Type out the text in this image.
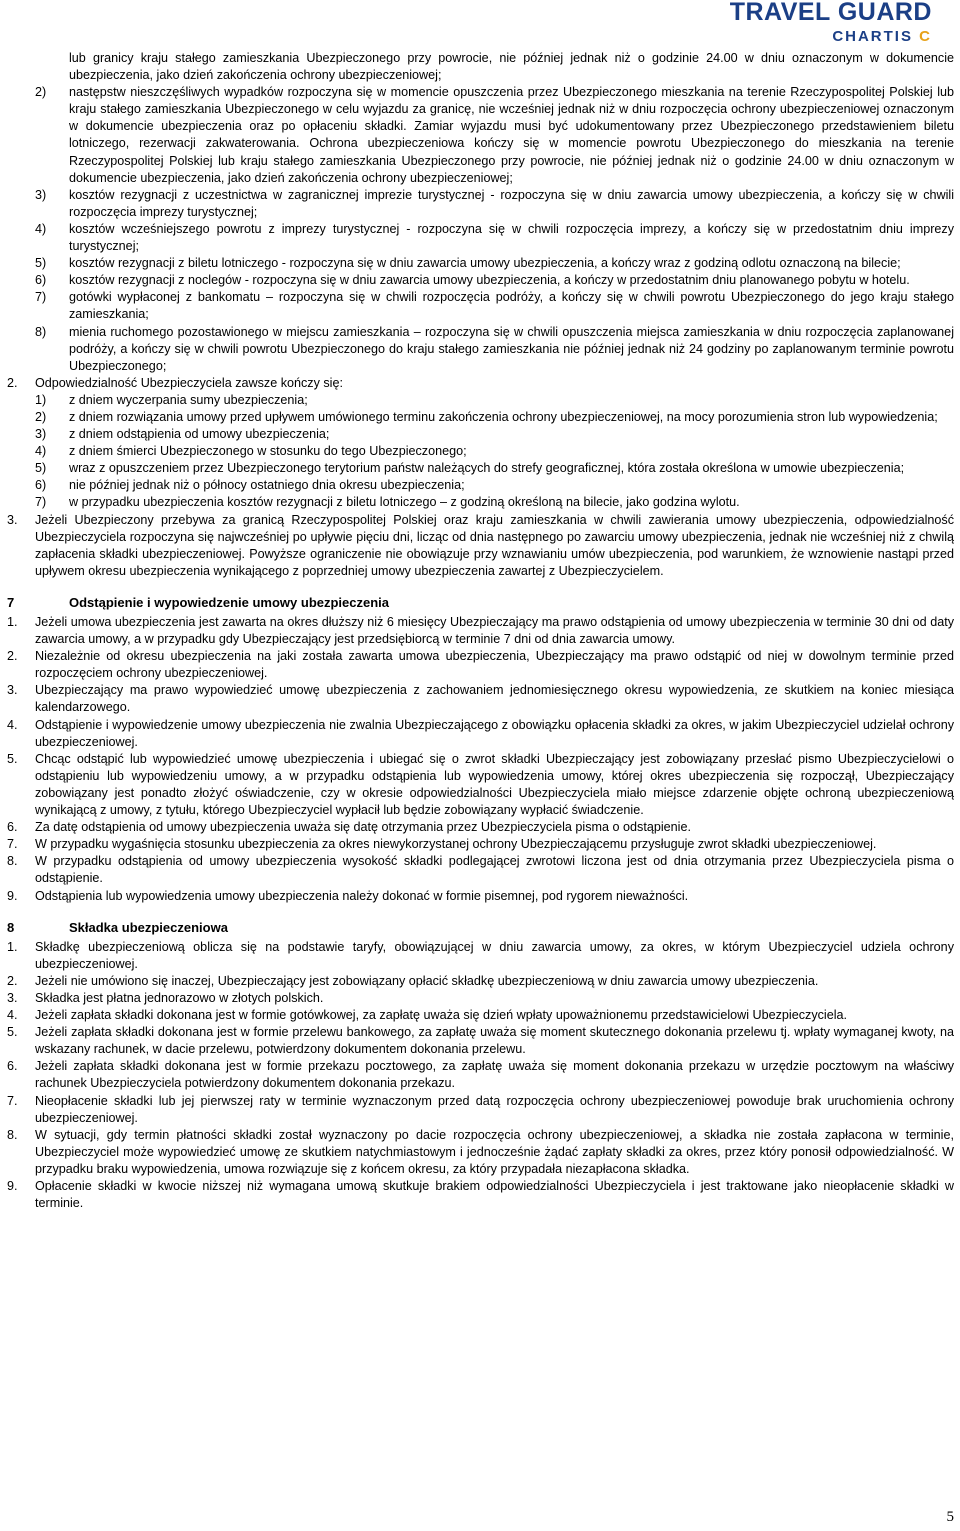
TRAVEL GUARD
CHARTIS C
lub granicy kraju stałego zamieszkania Ubezpieczonego przy powrocie, nie później jednak niż o godzinie 24.00 w dniu oznaczonym w dokumencie ubezpieczenia, jako dzień zakończenia ochrony ubezpieczeniowej;
2)	następstw nieszczęśliwych wypadków rozpoczyna się w momencie opuszczenia przez Ubezpieczonego mieszkania na terenie Rzeczypospolitej Polskiej lub kraju stałego zamieszkania Ubezpieczonego w celu wyjazdu za granicę, nie wcześniej jednak niż w dniu rozpoczęcia ochrony ubezpieczeniowej oznaczonym w dokumencie ubezpieczenia oraz po opłaceniu składki. Zamiar wyjazdu musi być udokumentowany przez Ubezpieczonego przedstawieniem biletu lotniczego, rezerwacji zakwaterowania. Ochrona ubezpieczeniowa kończy się w momencie powrotu Ubezpieczonego do mieszkania na terenie Rzeczypospolitej Polskiej lub kraju stałego zamieszkania Ubezpieczonego przy powrocie, nie później jednak niż o godzinie 24.00 w dniu oznaczonym w dokumencie ubezpieczenia, jako dzień zakończenia ochrony ubezpieczeniowej;
3)	kosztów rezygnacji z uczestnictwa w zagranicznej imprezie turystycznej - rozpoczyna się w dniu zawarcia umowy ubezpieczenia, a kończy się w chwili rozpoczęcia imprezy turystycznej;
4)	kosztów wcześniejszego powrotu z imprezy turystycznej - rozpoczyna się w chwili rozpoczęcia imprezy, a kończy się w przedostatnim dniu imprezy turystycznej;
5)	kosztów rezygnacji z biletu lotniczego - rozpoczyna się w dniu zawarcia umowy ubezpieczenia, a kończy wraz z godziną odlotu oznaczoną na bilecie;
6)	kosztów rezygnacji z noclegów - rozpoczyna się w dniu zawarcia umowy ubezpieczenia, a kończy w przedostatnim dniu planowanego pobytu w hotelu.
7)	gotówki wypłaconej z bankomatu – rozpoczyna się w chwili rozpoczęcia podróży, a kończy się w chwili powrotu Ubezpieczonego do jego kraju stałego zamieszkania;
8)	mienia ruchomego pozostawionego w miejscu zamieszkania – rozpoczyna się w chwili opuszczenia miejsca zamieszkania w dniu rozpoczęcia zaplanowanej podróży, a kończy się w chwili powrotu Ubezpieczonego do kraju stałego zamieszkania nie później jednak niż 24 godziny po zaplanowanym terminie powrotu Ubezpieczonego;
2.	Odpowiedzialność Ubezpieczyciela zawsze kończy się:
1)	z dniem wyczerpania sumy ubezpieczenia;
2)	z dniem rozwiązania umowy przed upływem umówionego terminu zakończenia ochrony ubezpieczeniowej, na mocy porozumienia stron lub wypowiedzenia;
3)	z dniem odstąpienia od umowy ubezpieczenia;
4)	z dniem śmierci Ubezpieczonego w stosunku do tego Ubezpieczonego;
5)	wraz z opuszczeniem przez Ubezpieczonego terytorium państw należących do strefy geograficznej, która została określona w umowie ubezpieczenia;
6)	nie później jednak niż o północy ostatniego dnia okresu ubezpieczenia;
7)	w przypadku ubezpieczenia kosztów rezygnacji z biletu lotniczego – z godziną określoną na bilecie, jako godzina wylotu.
3.	Jeżeli Ubezpieczony przebywa za granicą Rzeczypospolitej Polskiej oraz kraju zamieszkania w chwili zawierania umowy ubezpieczenia, odpowiedzialność Ubezpieczyciela rozpoczyna się najwcześniej po upływie pięciu dni, licząc od dnia następnego po zawarciu umowy ubezpieczenia, jednak nie wcześniej niż z chwilą zapłacenia składki ubezpieczeniowej. Powyższe ograniczenie nie obowiązuje przy wznawianiu umów ubezpieczenia, pod warunkiem, że wznowienie nastąpi przed upływem okresu ubezpieczenia wynikającego z poprzedniej umowy ubezpieczenia zawartej z Ubezpieczycielem.
7	Odstąpienie i wypowiedzenie umowy ubezpieczenia
1.	Jeżeli umowa ubezpieczenia jest zawarta na okres dłuższy niż 6 miesięcy Ubezpieczający ma prawo odstąpienia od umowy ubezpieczenia w terminie 30 dni od daty zawarcia umowy, a w przypadku gdy Ubezpieczający jest przedsiębiorcą w terminie 7 dni od dnia zawarcia umowy.
2.	Niezależnie od okresu ubezpieczenia na jaki została zawarta umowa ubezpieczenia, Ubezpieczający ma prawo odstąpić od niej w dowolnym terminie przed rozpoczęciem ochrony ubezpieczeniowej.
3.	Ubezpieczający ma prawo wypowiedzieć umowę ubezpieczenia z zachowaniem jednomiesięcznego okresu wypowiedzenia, ze skutkiem na koniec miesiąca kalendarzowego.
4.	Odstąpienie i wypowiedzenie umowy ubezpieczenia nie zwalnia Ubezpieczającego z obowiązku opłacenia składki za okres, w jakim Ubezpieczyciel udzielał ochrony ubezpieczeniowej.
5.	Chcąc odstąpić lub wypowiedzieć umowę ubezpieczenia i ubiegać się o zwrot składki Ubezpieczający jest zobowiązany przesłać pismo Ubezpieczycielowi o odstąpieniu lub wypowiedzeniu umowy, a w przypadku odstąpienia lub wypowiedzenia umowy, której okres ubezpieczenia się rozpoczął, Ubezpieczający zobowiązany jest ponadto złożyć oświadczenie, czy w okresie odpowiedzialności Ubezpieczyciela miało miejsce zdarzenie objęte ochroną ubezpieczeniową wynikającą z umowy, z tytułu, którego Ubezpieczyciel wypłacił lub będzie zobowiązany wypłacić świadczenie.
6.	Za datę odstąpienia od umowy ubezpieczenia uważa się datę otrzymania przez Ubezpieczyciela pisma o odstąpienie.
7.	W przypadku wygaśnięcia stosunku ubezpieczenia za okres niewykorzystanej ochrony Ubezpieczającemu przysługuje zwrot składki ubezpieczeniowej.
8.	W przypadku odstąpienia od umowy ubezpieczenia wysokość składki podlegającej zwrotowi liczona jest od dnia otrzymania przez Ubezpieczyciela pisma o odstąpienie.
9.	Odstąpienia lub wypowiedzenia umowy ubezpieczenia należy dokonać w formie pisemnej, pod rygorem nieważności.
8	Składka ubezpieczeniowa
1.	Składkę ubezpieczeniową oblicza się na podstawie taryfy, obowiązującej w dniu zawarcia umowy, za okres, w którym Ubezpieczyciel udziela ochrony ubezpieczeniowej.
2.	Jeżeli nie umówiono się inaczej, Ubezpieczający jest zobowiązany opłacić składkę ubezpieczeniową w dniu zawarcia umowy ubezpieczenia.
3.	Składka jest płatna jednorazowo w złotych polskich.
4.	Jeżeli zapłata składki dokonana jest w formie gotówkowej, za zapłatę uważa się dzień wpłaty upoważnionemu przedstawicielowi Ubezpieczyciela.
5.	Jeżeli zapłata składki dokonana jest w formie przelewu bankowego, za zapłatę uważa się moment skutecznego dokonania przelewu tj. wpłaty wymaganej kwoty, na wskazany rachunek, w dacie przelewu, potwierdzony dokumentem dokonania przelewu.
6.	Jeżeli zapłata składki dokonana jest w formie przekazu pocztowego, za zapłatę uważa się moment dokonania przekazu w urzędzie pocztowym na właściwy rachunek Ubezpieczyciela potwierdzony dokumentem dokonania przekazu.
7.	Nieopłacenie składki lub jej pierwszej raty w terminie wyznaczonym przed datą rozpoczęcia ochrony ubezpieczeniowej powoduje brak uruchomienia ochrony ubezpieczeniowej.
8.	W sytuacji, gdy termin płatności składki został wyznaczony po dacie rozpoczęcia ochrony ubezpieczeniowej, a składka nie została zapłacona w terminie, Ubezpieczyciel może wypowiedzieć umowę ze skutkiem natychmiastowym i jednocześnie żądać zapłaty składki za okres, przez który ponosił odpowiedzialność. W przypadku braku wypowiedzenia, umowa rozwiązuje się z końcem okresu, za który przypadała niezapłacona składka.
9.	Opłacenie składki w kwocie niższej niż wymagana umową skutkuje brakiem odpowiedzialności Ubezpieczyciela i jest traktowane jako nieopłacenie składki w terminie.
5
